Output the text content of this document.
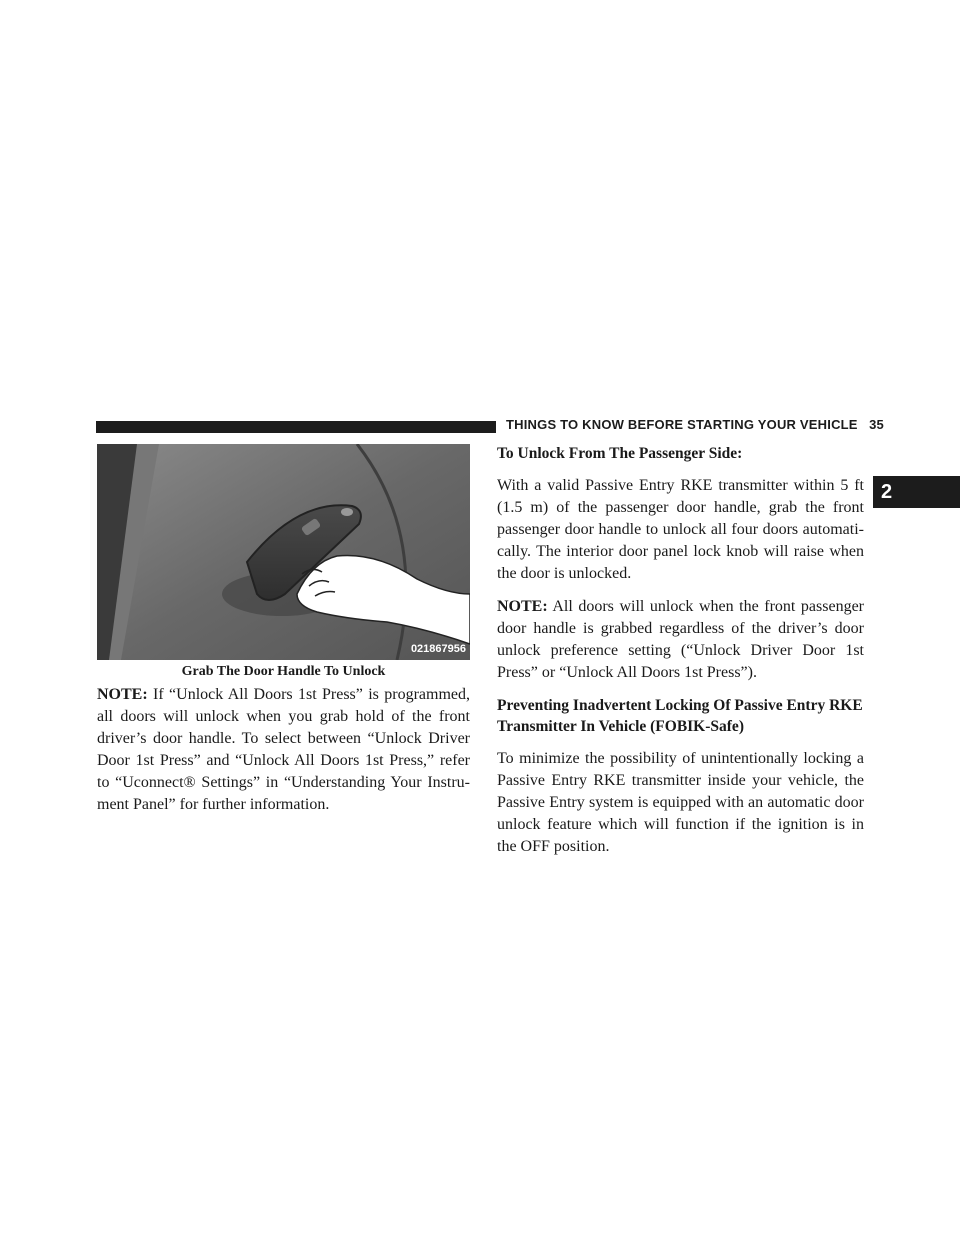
THINGS TO KNOW BEFORE STARTING YOUR VEHICLE 35
2
021867956
Grab The Door Handle To Unlock

NOTE: If “Unlock All Doors 1st Press” is programmed, all doors will unlock when you grab hold of the front driver’s door handle. To select between “Unlock Driver Door 1st Press” and “Unlock All Doors 1st Press,” refer to “Uconnect® Settings” in “Understanding Your Instru-ment Panel” for further information.

To Unlock From The Passenger Side:

With a valid Passive Entry RKE transmitter within 5 ft (1.5 m) of the passenger door handle, grab the front passenger door handle to unlock all four doors automati-cally. The interior door panel lock knob will raise when the door is unlocked.

NOTE: All doors will unlock when the front passenger door handle is grabbed regardless of the driver’s door unlock preference setting (“Unlock Driver Door 1st Press” or “Unlock All Doors 1st Press”).

Preventing Inadvertent Locking Of Passive Entry RKE Transmitter In Vehicle (FOBIK-Safe)

To minimize the possibility of unintentionally locking a Passive Entry RKE transmitter inside your vehicle, the Passive Entry system is equipped with an automatic door unlock feature which will function if the ignition is in the OFF position.
